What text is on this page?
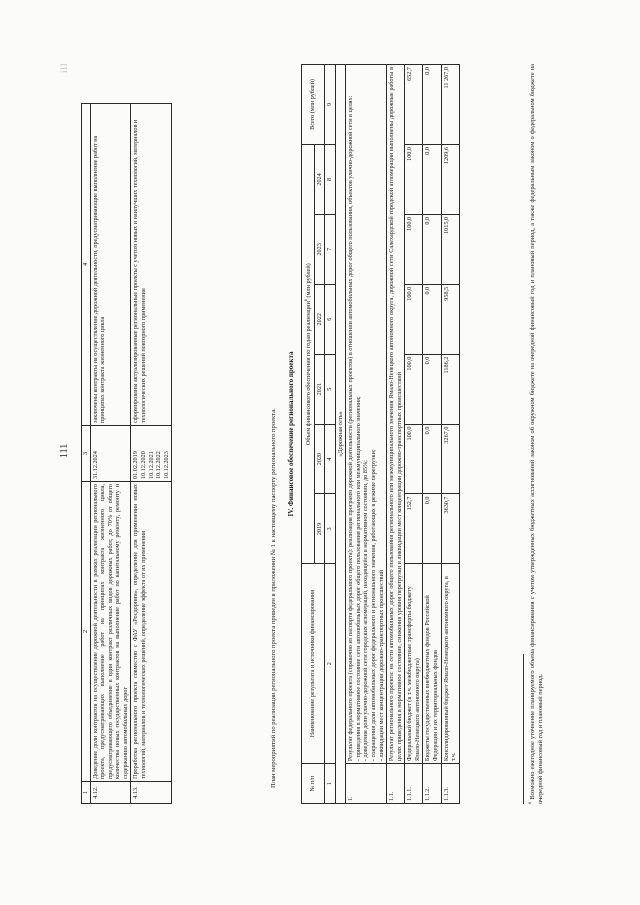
111
ill
1	2	3	4
4.12.	Доведение доли контрактов на осуществление дорожной деятельности в рамках реализации регионального проекта, предусматривающих выполнение работ на принципах контракта жизненного цикла, предусматривающего объединение в один контракт различных видов дорожных работ, до 70% от общего количества новых государственных контрактов на выполнение работ по капитальному ремонту, ремонту и содержанию автомобильных дорог	31.12.2024	заключены контракты на осуществление дорожной деятельности, предусматривающие выполнение работ на принципах контракта жизненного цикла
4.13.	Проработка регионального проекта совместно с ФАУ «Росдорнии», определение для применения новых технологий, материалов и технологических решений, определение эффекта от их применения	01.02.2019 10.12.2020 10.12.2021 10.12.2022 10.12.2023	сформированы актуализированные региональные проекты с учетом новых и наилучших технологий, материалов и технологических решений повторного применения
План мероприятий по реализации регионального проекта приведен в приложении № 1 к настоящему паспорту регионального проекта. IV. Финансовое обеспечение регионального проекта
№ п/п	Наименование результата и источники финансирования	Объем финансового обеспечения по годам реализации$^6$ (млн рублей)						Всего (млн рублей)
		2019	2020	2021	2022	2023	2024	
1	2	3	4	5	6	7	8	9
«Дорожная сеть»								
1.	Результат федерального проекта (справочно из паспорта федерального проекта): реализация программ дорожной деятельности (региональных проектов) в отношении автомобильных дорог общего пользования, объектов улично-дорожной сети в целях: - приведения в нормативное состояние сети автомобильных дорог общего пользования регионального или межмуниципального значения; - доведения доли улично-дорожной сети городских агломераций, находящейся в нормативном состоянии, до 85%; - сокращения доли автомобильных дорог федерального и регионального значения, работающих в режиме перегрузки; - ликвидации мест концентрации дорожно-транспортных происшествий							

1.1.	Результат регионального проекта: на сети автомобильных дорог общего пользования регионального или межмуниципального значения Ямало-Ненецкого автономного округа, дорожной сети Салехардской городской агломерации выполнены дорожные работы в целях приведения в нормативное состояние, снижения уровня перегрузки и ликвидации мест концентрации дорожно-транспортных происшествий							
1.1.1.	Федеральный бюджет (в т.ч. межбюджетные трансферты бюджету Ямало-Ненецкого автономного округа)	152,7	100,0	100,0	100,0	100,0	100,0	652,7
1.1.2.	Бюджеты государственных внебюджетных фондов Российской Федерации и их территориальных фондов	0,0	0,0	0,0	0,0	0,0	0,0	0,0
1.1.3.	Консолидированный бюджет Ямало-Ненецкого автономного округа, в т.ч.	3630,7	3267,0	1186,2	958,5	1015,0	1209,6	11 267,0
$^6$ Возможно ежегодное уточнение планируемого объема финансирования с учетом утвержденных бюджетных ассигнований законом об окружном бюджете на очередной финансовый год и плановый период, а также федеральным законом о федеральном бюджете на очередной финансовый год и плановый период.
